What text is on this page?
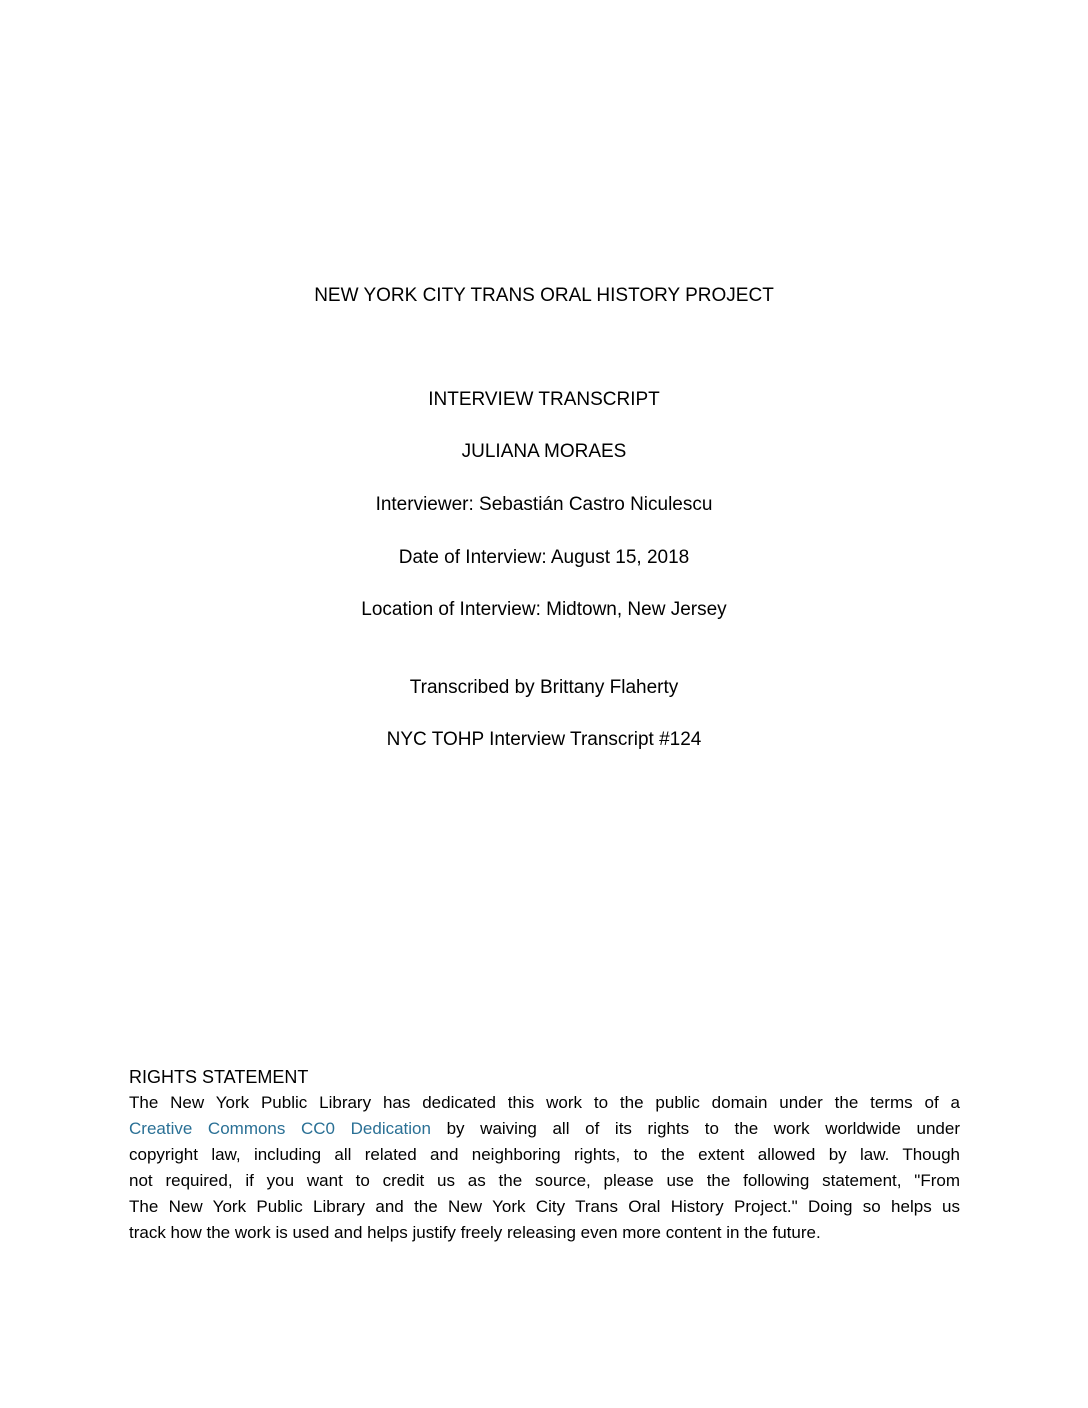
NEW YORK CITY TRANS ORAL HISTORY PROJECT
INTERVIEW TRANSCRIPT
JULIANA MORAES
Interviewer: Sebastián Castro Niculescu
Date of Interview: August 15, 2018
Location of Interview: Midtown, New Jersey
Transcribed by Brittany Flaherty
NYC TOHP Interview Transcript #124
RIGHTS STATEMENT
The New York Public Library has dedicated this work to the public domain under the terms of a
Creative Commons CC0 Dedication by waiving all of its rights to the work worldwide under
copyright law, including all related and neighboring rights, to the extent allowed by law. Though
not required, if you want to credit us as the source, please use the following statement, "From
The New York Public Library and the New York City Trans Oral History Project." Doing so helps us
track how the work is used and helps justify freely releasing even more content in the future.
